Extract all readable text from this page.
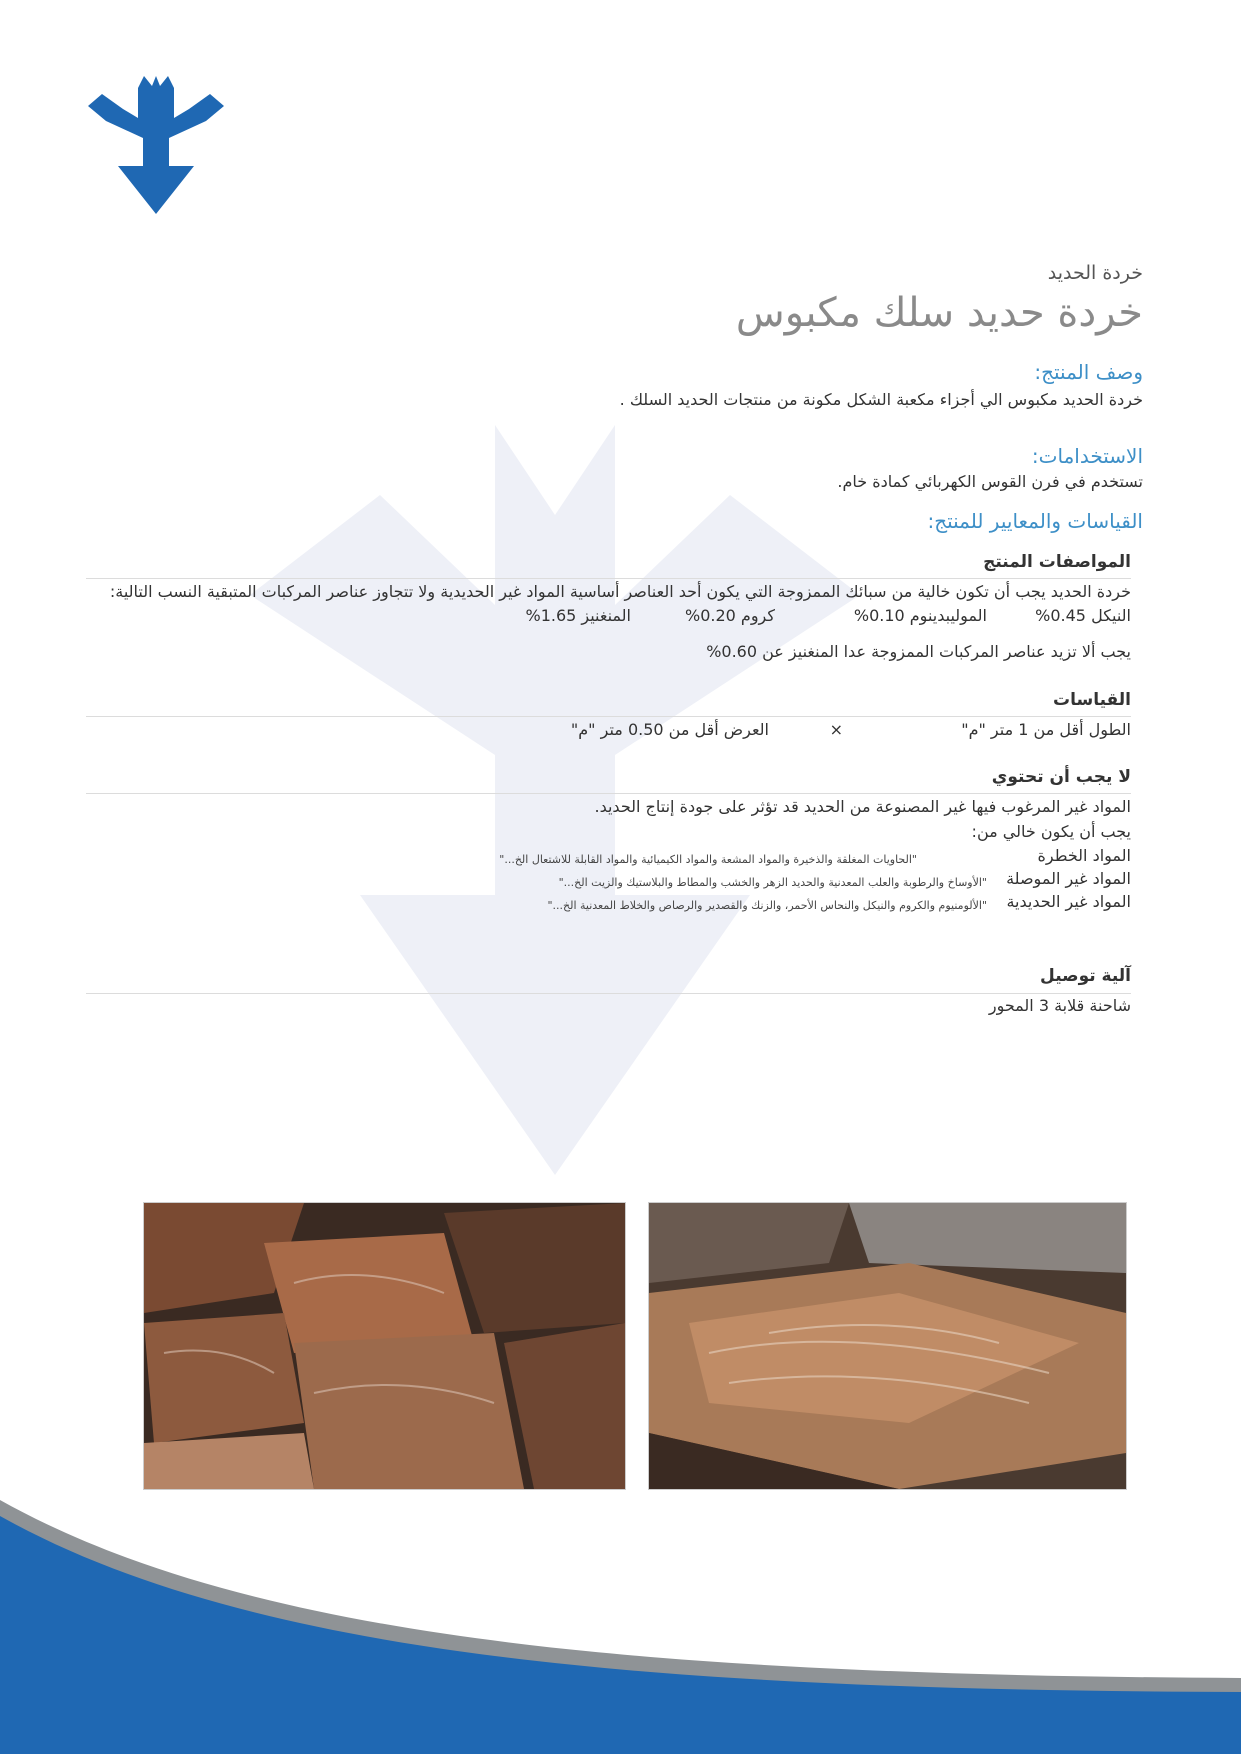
خردة الحديد
خردة حديد سلك مكبوس
وصف المنتج:
خردة الحديد مكبوس الي أجزاء مكعبة الشكل مكونة من منتجات الحديد السلك .
الاستخدامات:
تستخدم في فرن القوس الكهربائي كمادة خام.
القياسات والمعايير للمنتج:
المواصفات المنتج
خردة الحديد يجب أن تكون خالية من سبائك الممزوجة التي يكون أحد العناصر أساسية المواد غير الحديدية ولا تتجاوز عناصر المركبات المتبقية النسب التالية:
النيكل 0.45%
الموليبدينوم 0.10%
كروم 0.20%
المنغنيز 1.65%
يجب ألا تزيد عناصر المركبات الممزوجة عدا المنغنيز عن 0.60%
القياسات
الطول أقل من 1 متر "م"
×
العرض أقل من 0.50 متر "م"
لا يجب أن تحتوي
المواد غير المرغوب فيها غير المصنوعة من الحديد قد تؤثر على جودة إنتاج الحديد.
يجب أن يكون خالي من:
المواد الخطرة
"الحاويات المغلقة والذخيرة والمواد المشعة والمواد الكيميائية والمواد القابلة للاشتعال الخ..."
المواد غير الموصلة
"الأوساخ والرطوبة والعلب المعدنية والحديد الزهر والخشب والمطاط والبلاستيك والزيت الخ..."
المواد غير الحديدية
"الألومنيوم والكروم والنيكل والنحاس الأحمر، والزنك والقصدير والرصاص والخلاط المعدنية الخ..."
آلية توصيل
شاحنة قلابة 3 المحور
